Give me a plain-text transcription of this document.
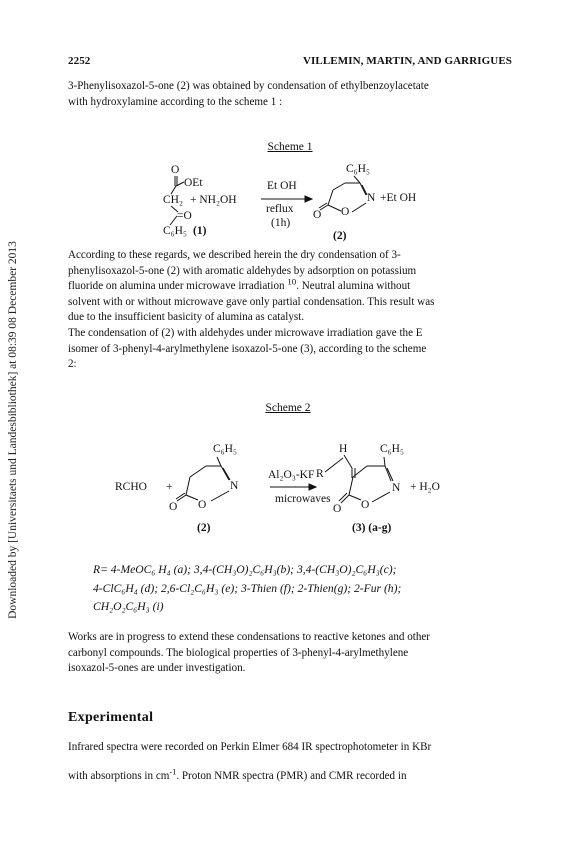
Downloaded by [Universitaets und Landesbibliothek] at 08:39 08 December 2013
2252	VILLEMIN, MARTIN, AND GARRIGUES

3-Phenylisoxazol-5-one (2) was obtained by condensation of ethylbenzoylacetate

with hydroxylamine according to the scheme 1 :

Scheme 1
O
OEt
CH₂ + NH₂OH
=O
C₆H₅ (1)
Et OH
reflux
(1h)
C₆H₅
N
O O
+Et OH
(2)

According to these regards, we described herein the dry condensation of 3-

phenylisoxazol-5-one (2) with aromatic aldehydes by adsorption on potassium

fluoride on alumina under microwave irradiation $^{10}$. Neutral alumina without

solvent with or without microwave gave only partial condensation. This result was

due to the insufficient basicity of alumina as catalyst.

The condensation of (2) with aldehydes under microwave irradiation gave the E

isomer of 3-phenyl-4-arylmethylene isoxazol-5-one (3), according to the scheme

2:

Scheme 2
RCHO +
C₆H₅
N
O O
(2)
Al₂O₃-KF
microwaves
H
R
C₆H₅
N
O O
+ H₂O
(3) (a-g)
R= 4-MeOC₆ H₄ (a); 3,4-(CH₃O)₂C₆H₃(b); 3,4-(CH₃O)₂C₆H₃(c);
4-ClC₆H₄ (d); 2,6-Cl₂C₆H₃ (e); 3-Thien (f); 2-Thien(g); 2-Fur (h);
CH₂O₂C₆H₃ (i)

Works are in progress to extend these condensations to reactive ketones and other

carbonyl compounds. The biological properties of 3-phenyl-4-arylmethylene

isoxazol-5-ones are under investigation.

Experimental

Infrared spectra were recorded on Perkin Elmer 684 IR spectrophotometer in KBr

with absorptions in $cm^{-1}$. Proton NMR spectra (PMR) and CMR recorded in
